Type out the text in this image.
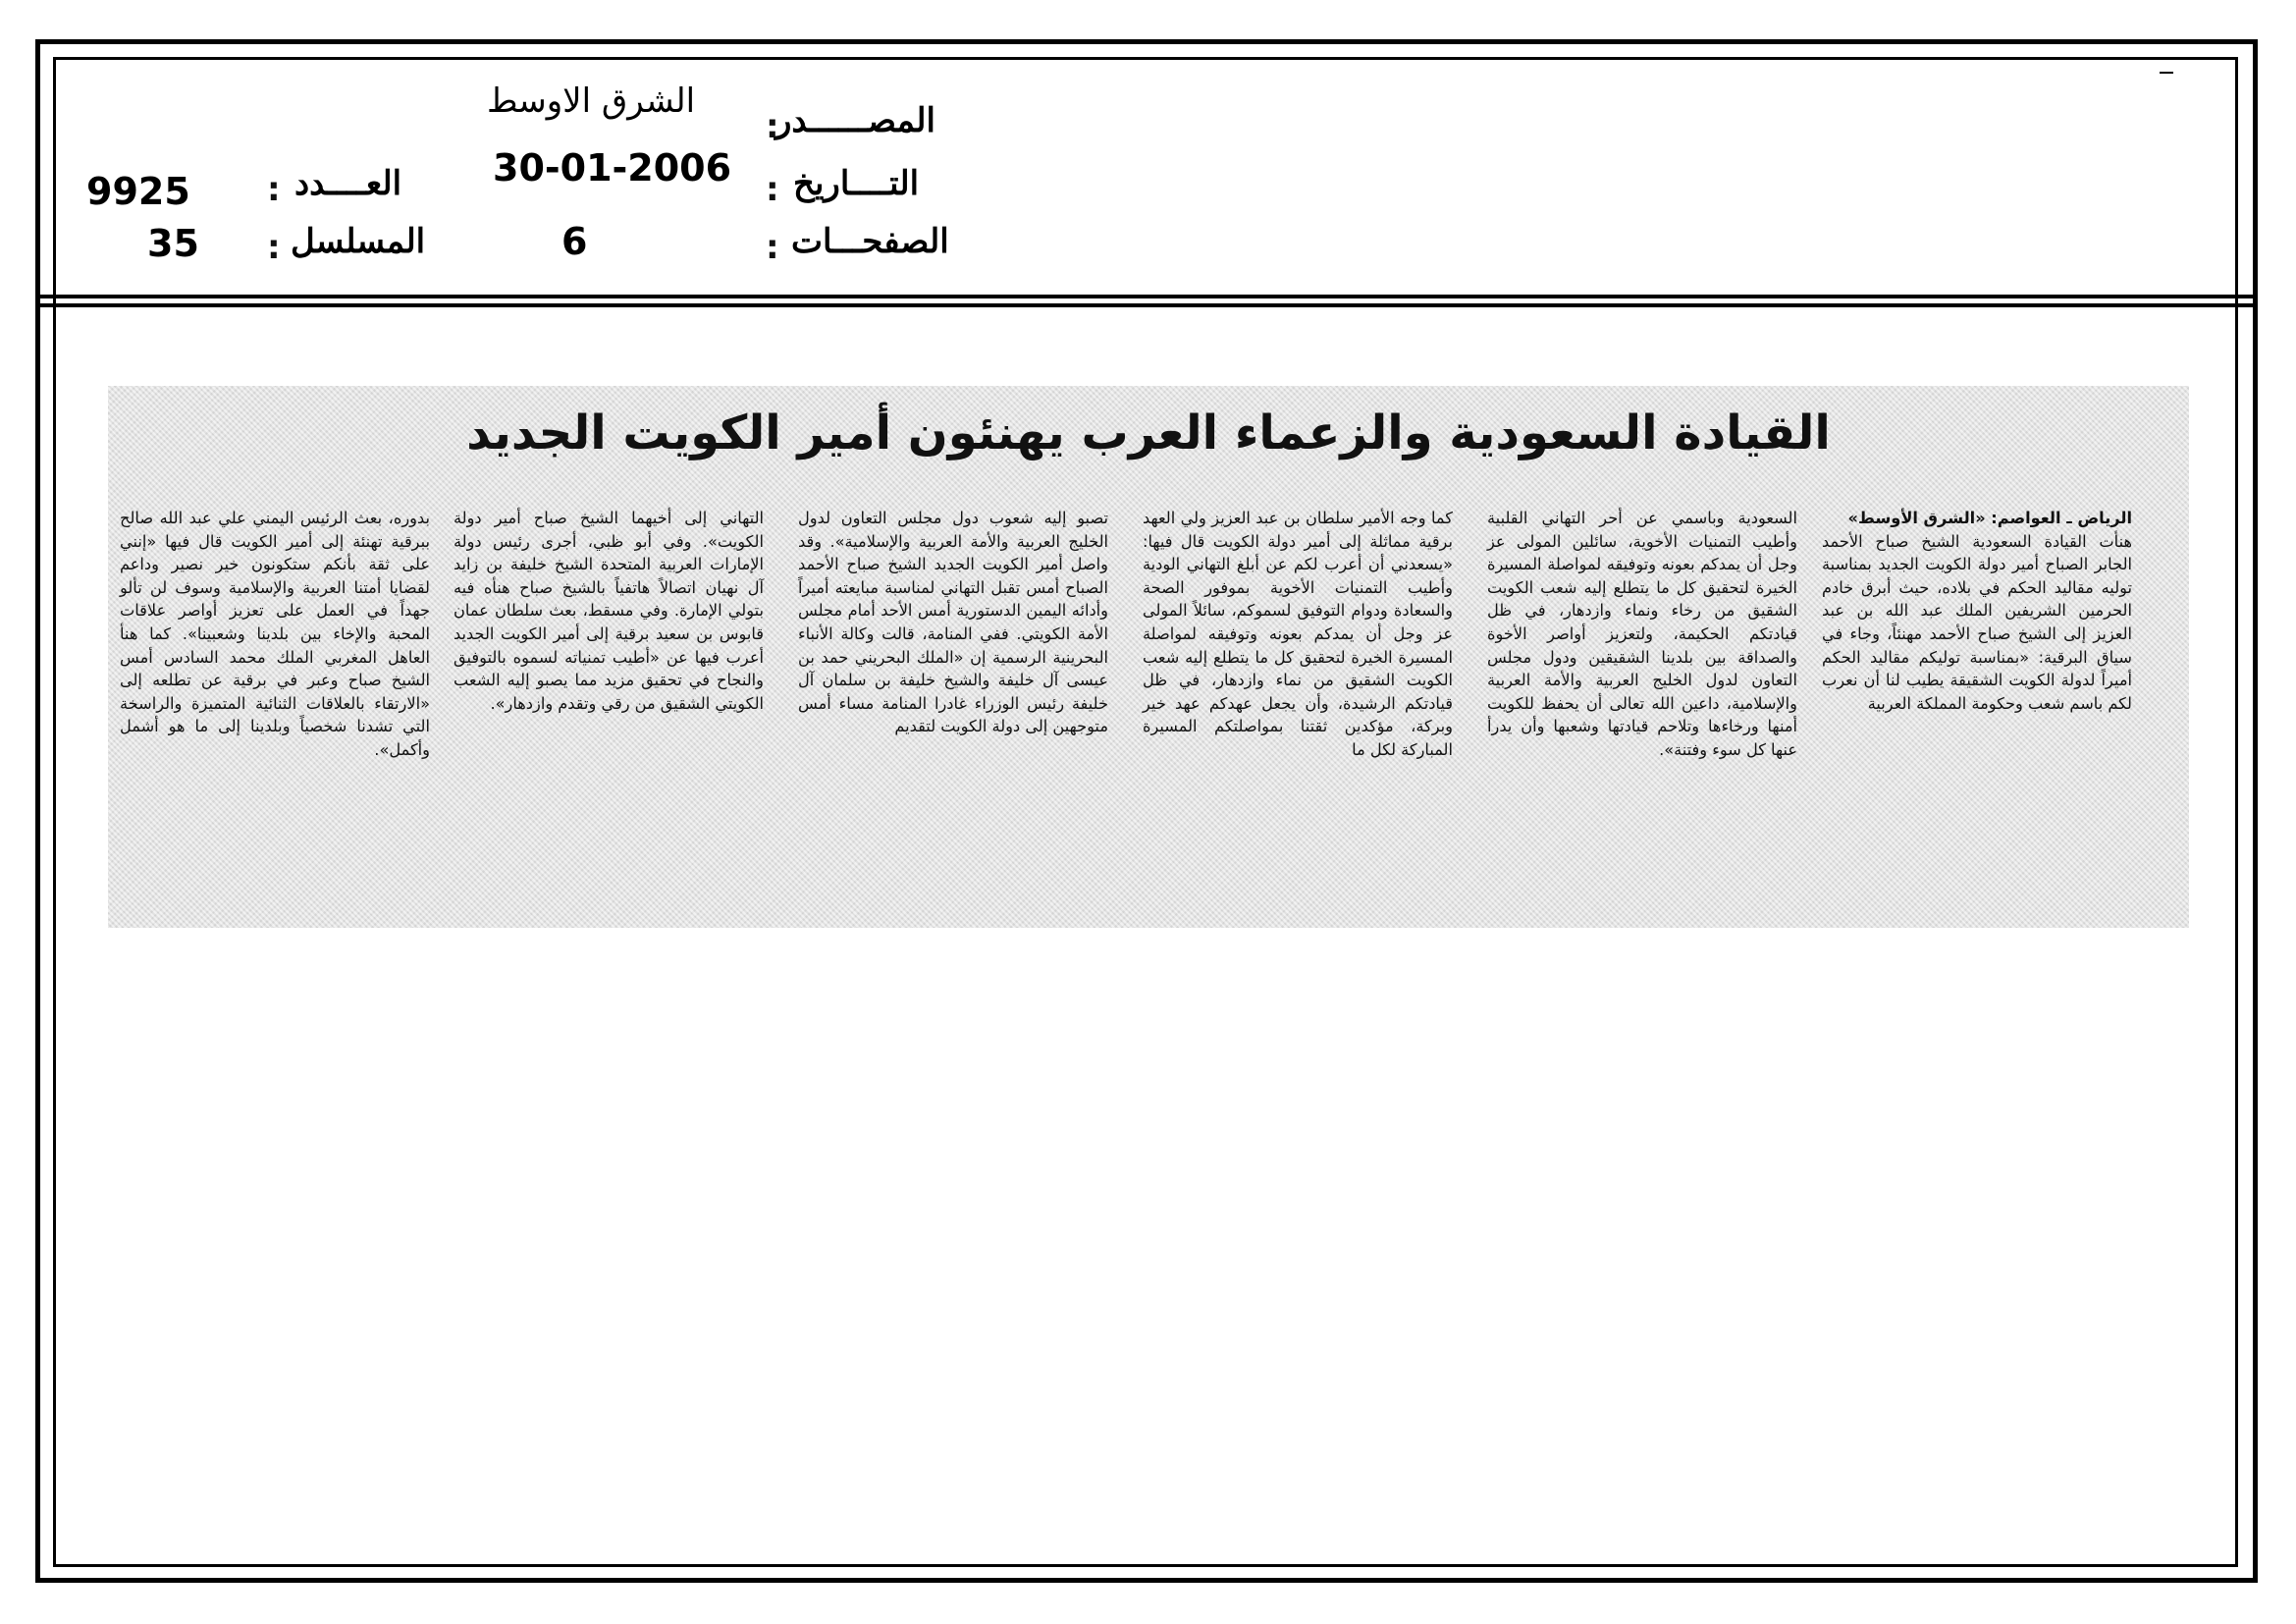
المصــــــدر
:
الشرق الاوسط
التــــاريخ
:
30-01-2006
الصفحـــات
:
6
العــــدد
:
9925
المسلسل
:
35
القيادة السعودية والزعماء العرب يهنئون أمير الكويت الجديد
الرياض ـ العواصم: «الشرق الأوسط»
هنأت القيادة السعودية الشيخ صباح الأحمد الجابر الصباح أمير دولة الكويت الجديد بمناسبة توليه مقاليد الحكم في بلاده، حيث أبرق خادم الحرمين الشريفين الملك عبد الله بن عبد العزيز إلى الشيخ صباح الأحمد مهنئاً، وجاء في سياق البرقية: «بمناسبة توليكم مقاليد الحكم أميراً لدولة الكويت الشقيقة يطيب لنا أن نعرب لكم باسم شعب وحكومة المملكة العربية
السعودية وباسمي عن أحر التهاني القلبية وأطيب التمنيات الأخوية، سائلين المولى عز وجل أن يمدكم بعونه وتوفيقه لمواصلة المسيرة الخيرة لتحقيق كل ما يتطلع إليه شعب الكويت الشقيق من رخاء ونماء وازدهار، في ظل قيادتكم الحكيمة، ولتعزيز أواصر الأخوة والصداقة بين بلدينا الشقيقين ودول مجلس التعاون لدول الخليج العربية والأمة العربية والإسلامية، داعين الله تعالى أن يحفظ للكويت أمنها ورخاءها وتلاحم قيادتها وشعبها وأن يدرأ عنها كل سوء وفتنة».
كما وجه الأمير سلطان بن عبد العزيز ولي العهد برقية مماثلة إلى أمير دولة الكويت قال فيها: «يسعدني أن أعرب لكم عن أبلغ التهاني الودية وأطيب التمنيات الأخوية بموفور الصحة والسعادة ودوام التوفيق لسموكم، سائلاً المولى عز وجل أن يمدكم بعونه وتوفيقه لمواصلة المسيرة الخيرة لتحقيق كل ما يتطلع إليه شعب الكويت الشقيق من نماء وازدهار، في ظل قيادتكم الرشيدة، وأن يجعل عهدكم عهد خير وبركة، مؤكدين ثقتنا بمواصلتكم المسيرة المباركة لكل ما
تصبو إليه شعوب دول مجلس التعاون لدول الخليج العربية والأمة العربية والإسلامية». وقد واصل أمير الكويت الجديد الشيخ صباح الأحمد الصباح أمس تقبل التهاني لمناسبة مبايعته أميراً وأدائه اليمين الدستورية أمس الأحد أمام مجلس الأمة الكويتي. ففي المنامة، قالت وكالة الأنباء البحرينية الرسمية إن «الملك البحريني حمد بن عيسى آل خليفة والشيخ خليفة بن سلمان آل خليفة رئيس الوزراء غادرا المنامة مساء أمس متوجهين إلى دولة الكويت لتقديم
التهاني إلى أخيهما الشيخ صباح أمير دولة الكويت». وفي أبو ظبي، أجرى رئيس دولة الإمارات العربية المتحدة الشيخ خليفة بن زايد آل نهيان اتصالاً هاتفياً بالشيخ صباح هنأه فيه بتولي الإمارة. وفي مسقط، بعث سلطان عمان قابوس بن سعيد برقية إلى أمير الكويت الجديد أعرب فيها عن «أطيب تمنياته لسموه بالتوفيق والنجاح في تحقيق مزيد مما يصبو إليه الشعب الكويتي الشقيق من رقي وتقدم وازدهار».
بدوره، بعث الرئيس اليمني علي عبد الله صالح ببرقية تهنئة إلى أمير الكويت قال فيها «إنني على ثقة بأنكم ستكونون خير نصير وداعم لقضايا أمتنا العربية والإسلامية وسوف لن تألو جهداً في العمل على تعزيز أواصر علاقات المحبة والإخاء بين بلدينا وشعبينا». كما هنأ العاهل المغربي الملك محمد السادس أمس الشيخ صباح وعبر في برقية عن تطلعه إلى «الارتقاء بالعلاقات الثنائية المتميزة والراسخة التي تشدنا شخصياً وبلدينا إلى ما هو أشمل وأكمل».
